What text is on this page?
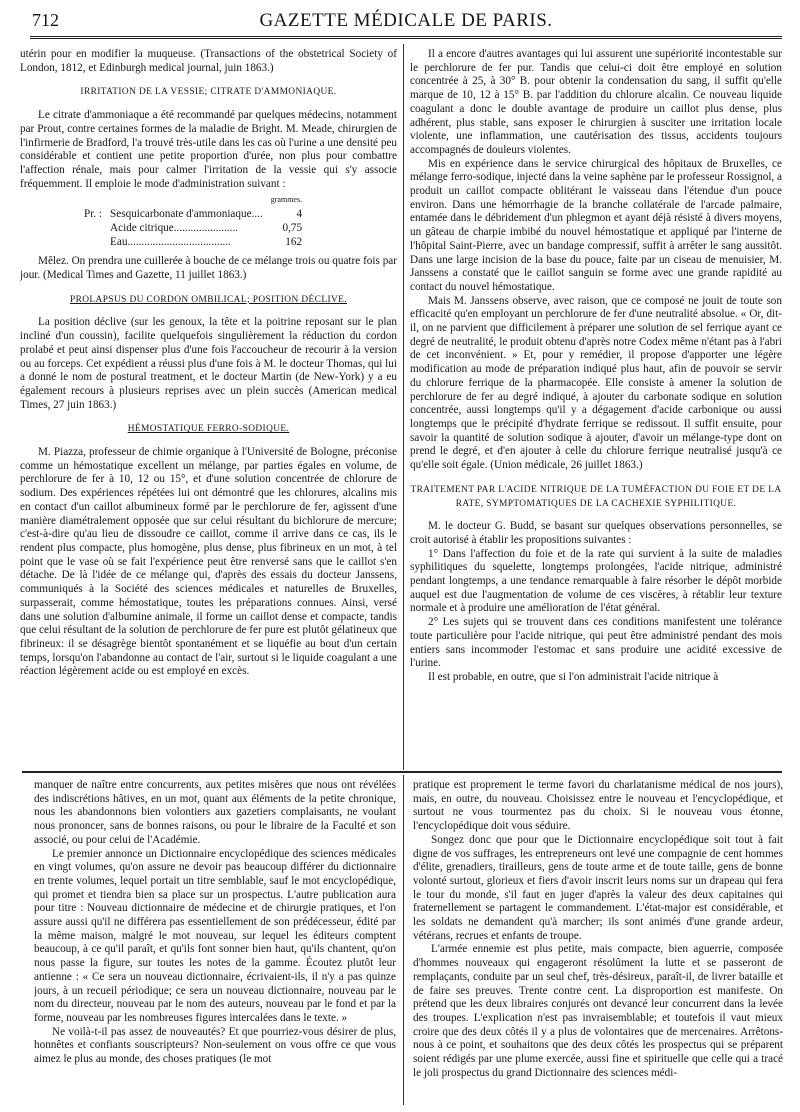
712	GAZETTE MÉDICALE DE PARIS.

utérin pour en modifier la muqueuse. (Transactions of the obstetrical Society of London, 1812, et Edinburgh medical journal, juin 1863.)

IRRITATION DE LA VESSIE; CITRATE D'AMMONIAQUE.

Le citrate d'ammoniaque a été recommandé par quelques médecins, notamment par Prout, contre certaines formes de la maladie de Bright. M. Meade, chirurgien de l'infirmerie de Bradford, l'a trouvé très-utile dans les cas où l'urine a une densité peu considérable et contient une petite proportion d'urée, non plus pour combattre l'affection rénale, mais pour calmer l'irritation de la vessie qui s'y associe fréquemment. Il emploie le mode d'administration suivant :

		grammes.
Pr. :	Sesquicarbonate d'ammoniaque....	4
	Acide citrique.......................	0,75
	Eau.....................................	162

Mêlez. On prendra une cuillerée à bouche de ce mélange trois ou quatre fois par jour. (Medical Times and Gazette, 11 juillet 1863.)

PROLAPSUS DU CORDON OMBILICAL; POSITION DÉCLIVE.

La position déclive (sur les genoux, la tête et la poitrine reposant sur le plan incliné d'un coussin), facilite quelquefois singulièrement la réduction du cordon prolabé et peut ainsi dispenser plus d'une fois l'accoucheur de recourir à la version ou au forceps. Cet expédient a réussi plus d'une fois à M. le docteur Thomas, qui lui a donné le nom de postural treatment, et le docteur Martin (de New-York) y a eu également recours à plusieurs reprises avec un plein succès (American medical Times, 27 juin 1863.)

HÉMOSTATIQUE FERRO-SODIQUE.

M. Piazza, professeur de chimie organique à l'Université de Bologne, préconise comme un hémostatique excellent un mélange, par parties égales en volume, de perchlorure de fer à 10, 12 ou 15°, et d'une solution concentrée de chlorure de sodium. Des expériences répétées lui ont démontré que les chlorures, alcalins mis en contact d'un caillot albumineux formé par le perchlorure de fer, agissent d'une manière diamétralement opposée que sur celui résultant du bichlorure de mercure; c'est-à-dire qu'au lieu de dissoudre ce caillot, comme il arrive dans ce cas, ils le rendent plus compacte, plus homogène, plus dense, plus fibrineux en un mot, à tel point que le vase où se fait l'expérience peut être renversé sans que le caillot s'en détache. De là l'idée de ce mélange qui, d'après des essais du docteur Janssens, communiqués à la Société des sciences médicales et naturelles de Bruxelles, surpasserait, comme hémostatique, toutes les préparations connues. Ainsi, versé dans une solution d'albumine animale, il forme un caillot dense et compacte, tandis que celui résultant de la solution de perchlorure de fer pure est plutôt gélatineux que fibrineux: il se désagrège bientôt spontanément et se liquéfie au bout d'un certain temps, lorsqu'on l'abandonne au contact de l'air, surtout si le liquide coagulant a une réaction légèrement acide ou est employé en excès.

Il a encore d'autres avantages qui lui assurent une supériorité incontestable sur le perchlorure de fer pur. Tandis que celui-ci doit être employé en solution concentrée à 25, à 30° B. pour obtenir la condensation du sang, il suffit qu'elle marque de 10, 12 à 15° B. par l'addition du chlorure alcalin. Ce nouveau liquide coagulant a donc le double avantage de produire un caillot plus dense, plus adhérent, plus stable, sans exposer le chirurgien à susciter une irritation locale violente, une inflammation, une cautérisation des tissus, accidents toujours accompagnés de douleurs violentes.

Mis en expérience dans le service chirurgical des hôpitaux de Bruxelles, ce mélange ferro-sodique, injecté dans la veine saphène par le professeur Rossignol, a produit un caillot compacte oblitérant le vaisseau dans l'étendue d'un pouce environ. Dans une hémorrhagie de la branche collatérale de l'arcade palmaire, entamée dans le débridement d'un phlegmon et ayant déjà résisté à divers moyens, un gâteau de charpie imbibé du nouvel hémostatique et appliqué par l'interne de l'hôpital Saint-Pierre, avec un bandage compressif, suffit à arrêter le sang aussitôt. Dans une large incision de la base du pouce, faite par un ciseau de menuisier, M. Janssens a constaté que le caillot sanguin se forme avec une grande rapidité au contact du nouvel hémostatique.

Mais M. Janssens observe, avec raison, que ce composé ne jouit de toute son efficacité qu'en employant un perchlorure de fer d'une neutralité absolue. « Or, dit-il, on ne parvient que difficilement à préparer une solution de sel ferrique ayant ce degré de neutralité, le produit obtenu d'après notre Codex même n'étant pas à l'abri de cet inconvénient. » Et, pour y remédier, il propose d'apporter une légère modification au mode de préparation indiqué plus haut, afin de pouvoir se servir du chlorure ferrique de la pharmacopée. Elle consiste à amener la solution de perchlorure de fer au degré indiqué, à ajouter du carbonate sodique en solution concentrée, aussi longtemps qu'il y a dégagement d'acide carbonique ou aussi longtemps que le précipité d'hydrate ferrique se redissout. Il suffit ensuite, pour savoir la quantité de solution sodique à ajouter, d'avoir un mélange-type dont on prend le degré, et d'en ajouter à celle du chlorure ferrique neutralisé jusqu'à ce qu'elle soit égale. (Union médicale, 26 juillet 1863.)

TRAITEMENT PAR L'ACIDE NITRIQUE DE LA TUMÉFACTION DU FOIE ET DE LA RATE, SYMPTOMATIQUES DE LA CACHEXIE SYPHILITIQUE.

M. le docteur G. Budd, se basant sur quelques observations personnelles, se croit autorisé à établir les propositions suivantes :

1° Dans l'affection du foie et de la rate qui survient à la suite de maladies syphilitiques du squelette, longtemps prolongées, l'acide nitrique, administré pendant longtemps, a une tendance remarquable à faire résorber le dépôt morbide auquel est due l'augmentation de volume de ces viscères, à rétablir leur texture normale et à produire une amélioration de l'état général.

2° Les sujets qui se trouvent dans ces conditions manifestent une tolérance toute particulière pour l'acide nitrique, qui peut être administré pendant des mois entiers sans incommoder l'estomac et sans produire une acidité excessive de l'urine.

Il est probable, en outre, que si l'on administrait l'acide nitrique à

manquer de naître entre concurrents, aux petites misères que nous ont révélées des indiscrétions hâtives, en un mot, quant aux éléments de la petite chronique, nous les abandonnons bien volontiers aux gazetiers complaisants, ne voulant nous prononcer, sans de bonnes raisons, ou pour le libraire de la Faculté et son associé, ou pour celui de l'Académie.

Le premier annonce un Dictionnaire encyclopédique des sciences médicales en vingt volumes, qu'on assure ne devoir pas beaucoup différer du dictionnaire en trente volumes, lequel portait un titre semblable, sauf le mot encyclopédique, qui promet et tiendra bien sa place sur un prospectus. L'autre publication aura pour titre : Nouveau dictionnaire de médecine et de chirurgie pratiques, et l'on assure aussi qu'il ne différera pas essentiellement de son prédécesseur, édité par la même maison, malgré le mot nouveau, sur lequel les éditeurs comptent beaucoup, à ce qu'il paraît, et qu'ils font sonner bien haut, qu'ils chantent, qu'on nous passe la figure, sur toutes les notes de la gamme. Écoutez plutôt leur antienne : « Ce sera un nouveau dictionnaire, écrivaient-ils, il n'y a pas quinze jours, à un recueil périodique; ce sera un nouveau dictionnaire, nouveau par le nom du directeur, nouveau par le nom des auteurs, nouveau par le fond et par la forme, nouveau par les nombreuses figures intercalées dans le texte. »

Ne voilà-t-il pas assez de nouveautés? Et que pourriez-vous désirer de plus, honnêtes et confiants souscripteurs? Non-seulement on vous offre ce que vous aimez le plus au monde, des choses pratiques (le mot

pratique est proprement le terme favori du charlatanisme médical de nos jours), mais, en outre, du nouveau. Choisissez entre le nouveau et l'encyclopédique, et surtout ne vous tourmentez pas du choix. Si le nouveau vous étonne, l'encyclopédique doit vous séduire.

Songez donc que pour que le Dictionnaire encyclopédique soit tout à fait digne de vos suffrages, les entrepreneurs ont levé une compagnie de cent hommes d'élite, grenadiers, tirailleurs, gens de toute arme et de toute taille, gens de bonne volonté surtout, glorieux et fiers d'avoir inscrit leurs noms sur un drapeau qui fera le tour du monde, s'il faut en juger d'après la valeur des deux capitaines qui fraternellement se partagent le commandement. L'état-major est considérable, et les soldats ne demandent qu'à marcher; ils sont animés d'une grande ardeur, vétérans, recrues et enfants de troupe.

L'armée ennemie est plus petite, mais compacte, bien aguerrie, composée d'hommes nouveaux qui engageront résolûment la lutte et se passeront de remplaçants, conduite par un seul chef, très-désireux, paraît-il, de livrer bataille et de faire ses preuves. Trente contre cent. La disproportion est manifeste. On prétend que les deux libraires conjurés ont devancé leur concurrent dans la levée des troupes. L'explication n'est pas invraisemblable; et toutefois il vaut mieux croire que des deux côtés il y a plus de volontaires que de mercenaires. Arrêtons-nous à ce point, et souhaitons que des deux côtés les prospectus qui se préparent soient rédigés par une plume exercée, aussi fine et spirituelle que celle qui a tracé le joli prospectus du grand Dictionnaire des sciences médi-
